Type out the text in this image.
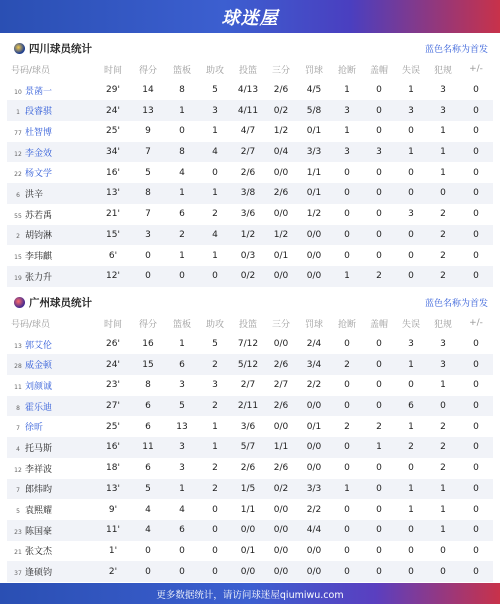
球迷屋
四川球员统计	蓝色名称为首发
号码/球员	时间	得分	篮板	助攻	投篮	三分	罚球	抢断	盖帽	失误	犯规	+/-
10 景菡一	29'	14	8	5	4/13	2/6	4/5	1	0	1	3	0
1 段睿骐	24'	13	1	3	4/11	0/2	5/8	3	0	3	3	0
77 杜智博	25'	9	0	1	4/7	1/2	0/1	1	0	0	1	0
12 李金效	34'	7	8	4	2/7	0/4	3/3	3	3	1	1	0
22 杨文学	16'	5	4	0	2/6	0/0	1/1	0	0	0	1	0
6 洪辛	13'	8	1	1	3/8	2/6	0/1	0	0	0	0	0
55 苏若禹	21'	7	6	2	3/6	0/0	1/2	0	0	3	2	0
2 胡钧淋	15'	3	2	4	1/2	1/2	0/0	0	0	0	2	0
15 李玮麒	6'	0	1	1	0/3	0/1	0/0	0	0	0	2	0
19 张力升	12'	0	0	0	0/2	0/0	0/0	1	2	0	2	0
广州球员统计	蓝色名称为首发
号码/球员	时间	得分	篮板	助攻	投篮	三分	罚球	抢断	盖帽	失误	犯规	+/-
13 郭艾伦	26'	16	1	5	7/12	0/0	2/4	0	0	3	3	0
28 威金顿	24'	15	6	2	5/12	2/6	3/4	2	0	1	3	0
11 刘颜诚	23'	8	3	3	2/7	2/7	2/2	0	0	0	1	0
8 霍乐迪	27'	6	5	2	2/11	2/6	0/0	0	0	6	0	0
7 徐昕	25'	6	13	1	3/6	0/0	0/1	2	2	1	2	0
4 托马斯	16'	11	3	1	5/7	1/1	0/0	0	1	2	2	0
12 李祥波	18'	6	3	2	2/6	2/6	0/0	0	0	0	2	0
7 郎炜昀	13'	5	1	2	1/5	0/2	3/3	1	0	1	1	0
5 袁熙耀	9'	4	4	0	1/1	0/0	2/2	0	0	1	1	0
23 陈国豪	11'	4	6	0	0/0	0/0	4/4	0	0	0	1	0
21 张文杰	1'	0	0	0	0/1	0/0	0/0	0	0	0	0	0
37 逢硕钧	2'	0	0	0	0/0	0/0	0/0	0	0	0	0	0
更多数据统计，请访问球迷屋qiumiwu.com
